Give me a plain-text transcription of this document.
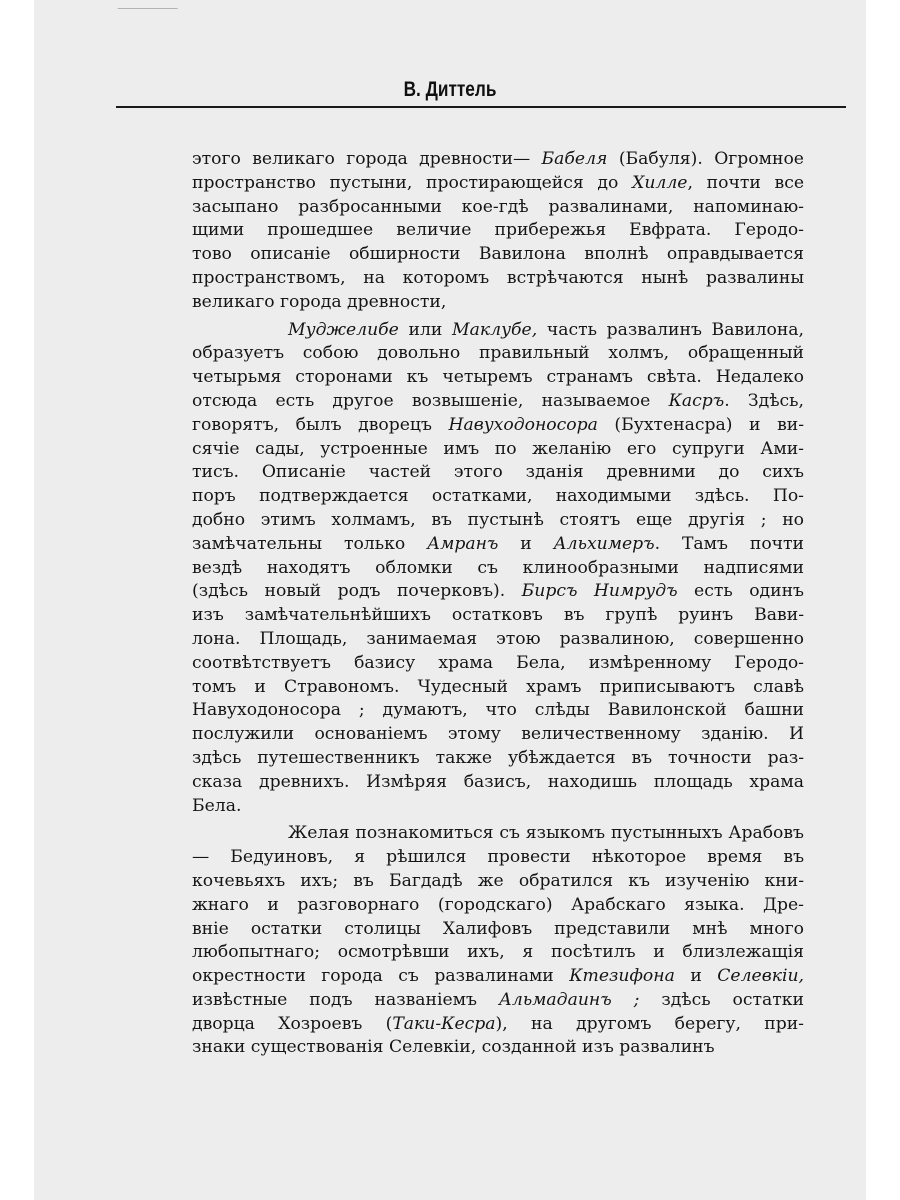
В. Диттель
этого великаго города древности— Бабеля (Бабуля). Огромное
пространство пустыни, простирающейся до Хилле, почти все
засыпано разбросанными кое-гдѣ развалинами, напоминаю-
щими прошедшее величие прибережья Евфрата. Геродо-
тово описанiе обширности Вавилона вполнѣ оправдывается
пространствомъ, на которомъ встрѣчаются нынѣ развалины
великаго города древности,
Муджелибе или Маклубе, часть развалинъ Вавилона,
образуетъ собою довольно правильный холмъ, обращенный
четырьмя сторонами къ четыремъ странамъ свѣта. Недалеко
отсюда есть другое возвышенiе, называемое Касръ. Здѣсь,
говорятъ, былъ дворецъ Навуходоносора (Бухтенасра) и ви-
сячiе сады, устроенные имъ по желанiю его супруги Ами-
тисъ. Описанiе частей этого зданiя древними до сихъ
поръ подтверждается остатками, находимыми здѣсь. По-
добно этимъ холмамъ, въ пустынѣ стоятъ еще другiя ; но
замѣчательны только Амранъ и Альхимеръ. Тамъ почти
вездѣ находятъ обломки съ клинообразными надписями
(здѣсь новый родъ почерковъ). Бирсъ Нимрудъ есть одинъ
изъ замѣчательнѣйшихъ остатковъ въ групѣ руинъ Вави-
лона. Площадь, занимаемая этою развалиною, совершенно
соотвѣтствуетъ базису храма Бела, измѣренному Геродо-
томъ и Стравономъ. Чудесный храмъ приписываютъ славѣ
Навуходоносора ; думаютъ, что слѣды Вавилонской башни
послужили основанiемъ этому величественному зданiю. И
здѣсь путешественникъ также убѣждается въ точности раз-
сказа древнихъ. Измѣряя базисъ, находишь площадь храма
Бела.
Желая познакомиться съ языкомъ пустынныхъ Арабовъ
— Бедуиновъ, я рѣшился провести нѣкоторое время въ
кочевьяхъ ихъ; въ Багдадѣ же обратился къ изученiю кни-
жнаго и разговорнаго (городскаго) Арабскаго языка. Дре-
внiе остатки столицы Халифовъ представили мнѣ много
любопытнаго; осмотрѣвши ихъ, я посѣтилъ и близлежащiя
окрестности города съ развалинами Ктезифона и Селевкiи,
извѣстные подъ названiемъ Альмадаинъ ; здѣсь остатки
дворца Хозроевъ (Таки-Кесра), на другомъ берегу, при-
знаки существованiя Селевкiи, созданной изъ развалинъ
